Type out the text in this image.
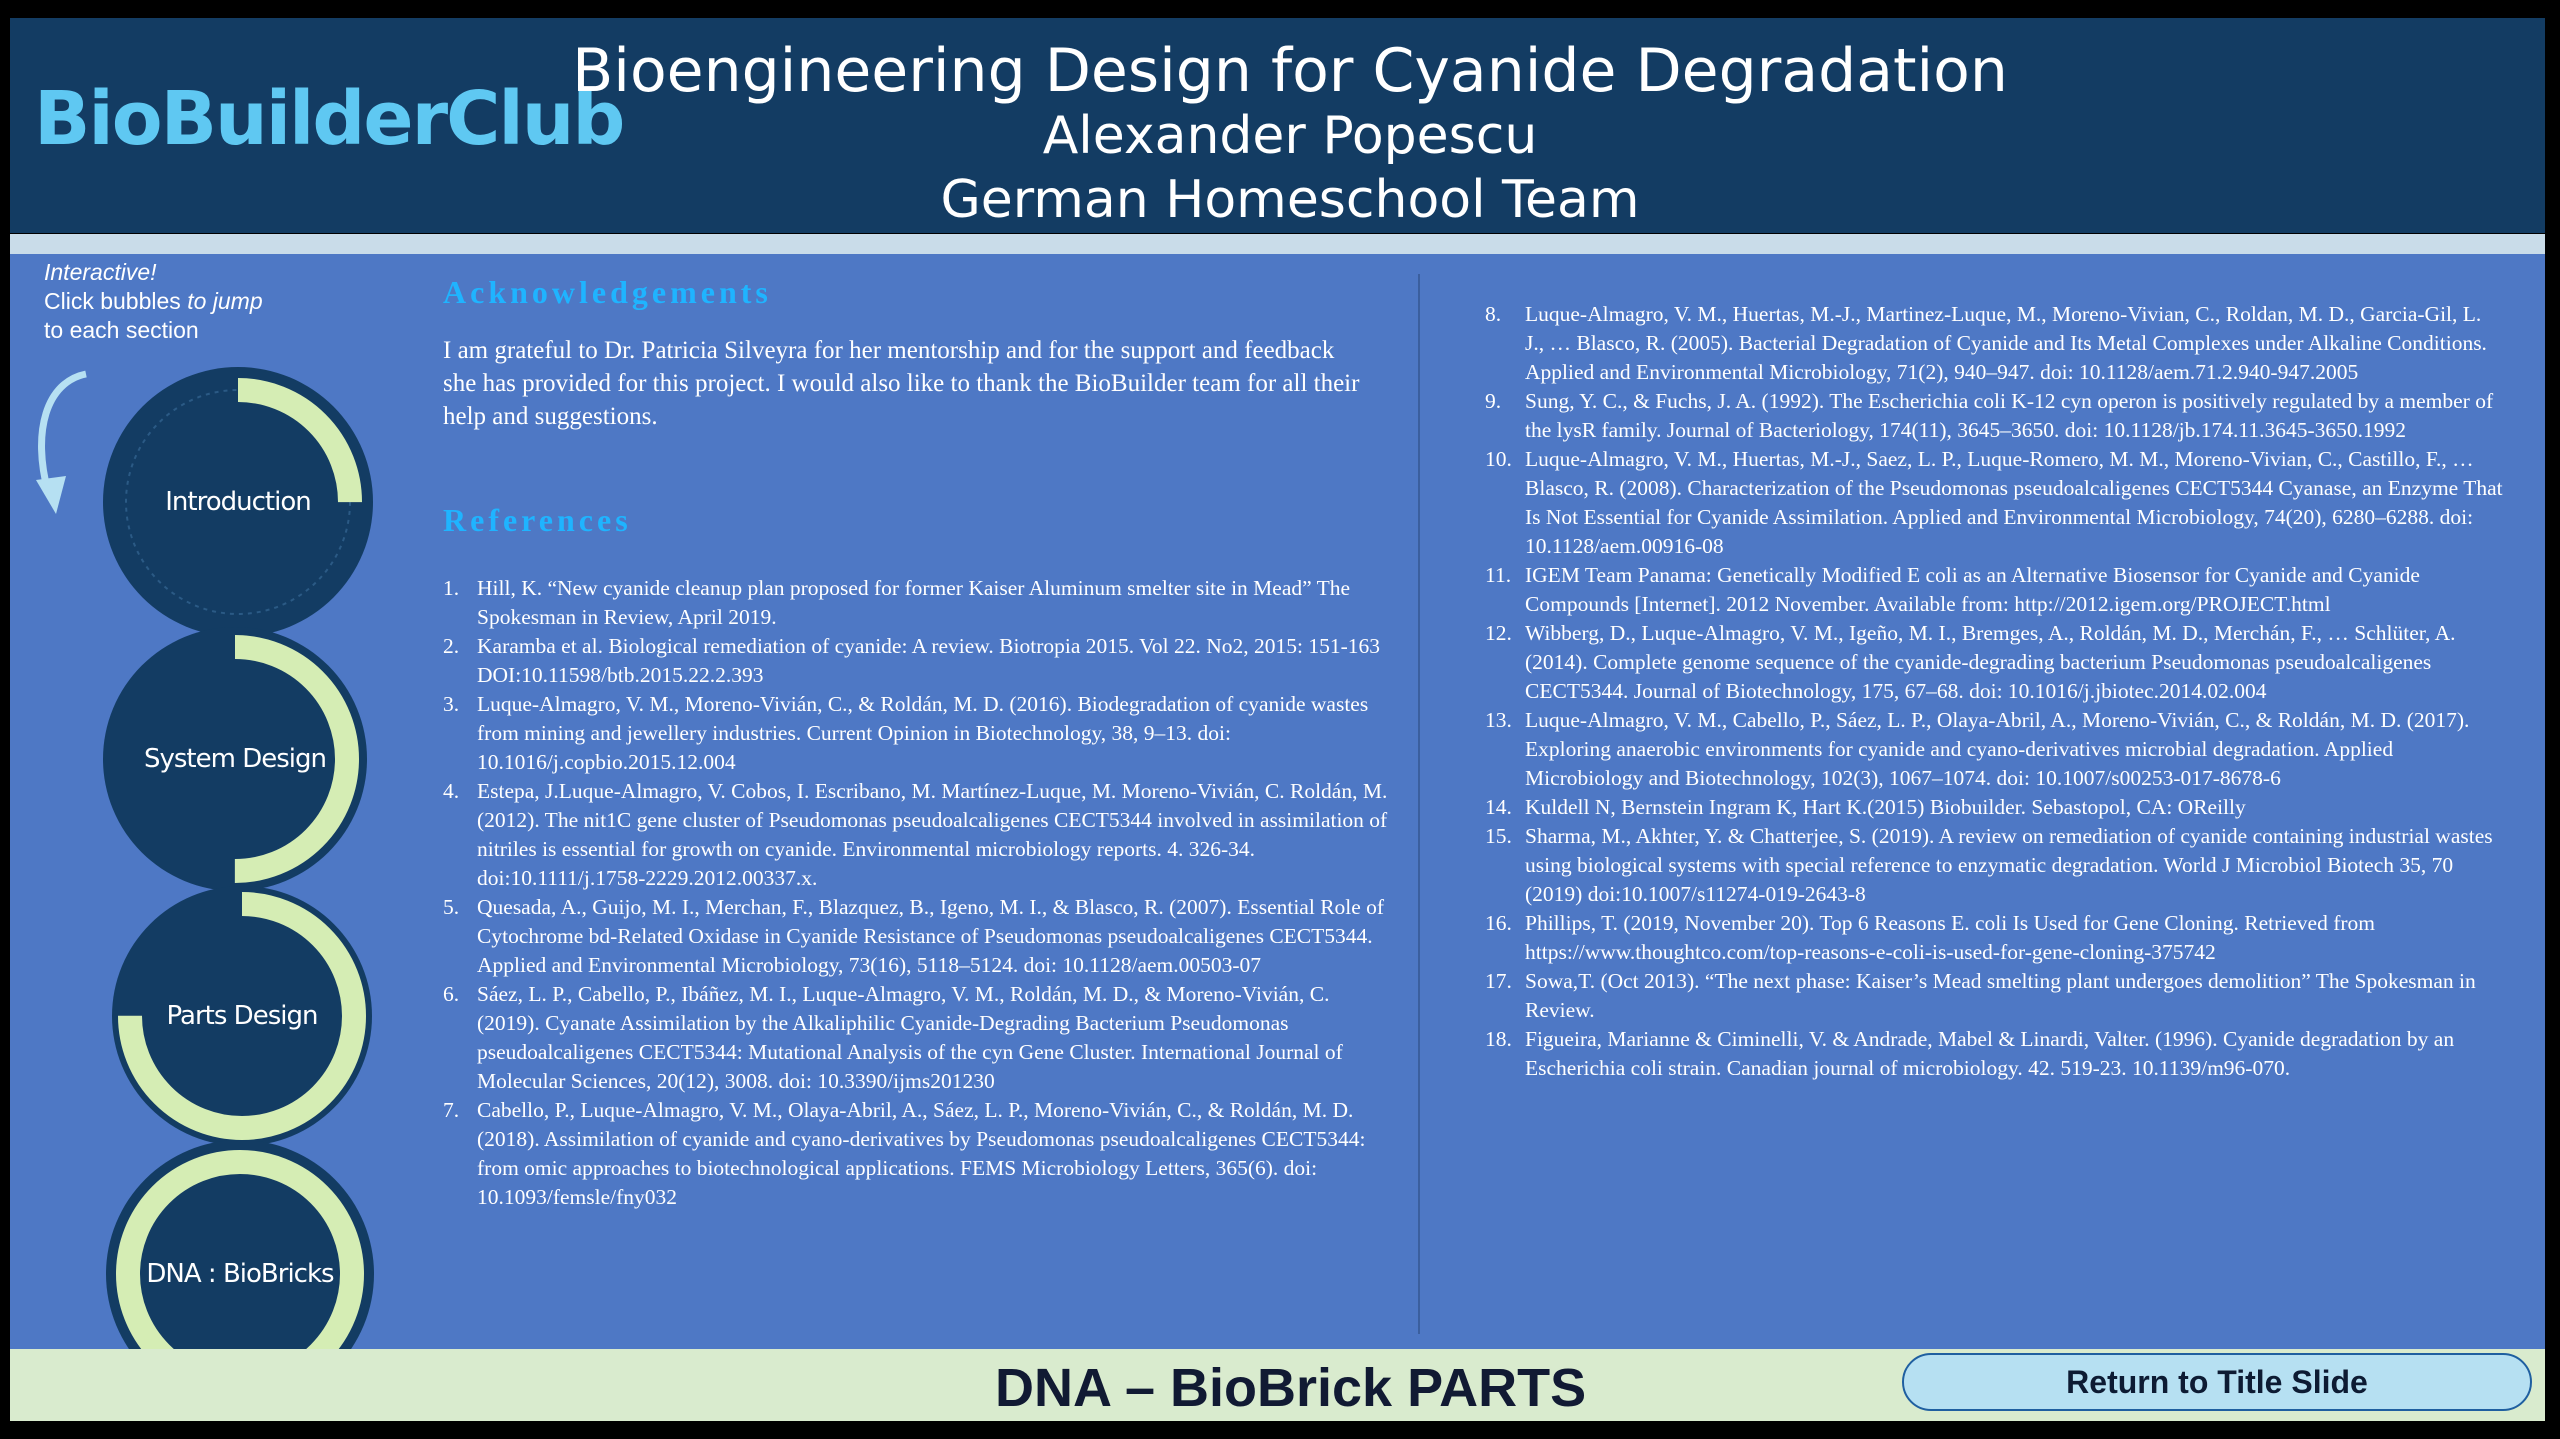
BioBuilderClub
Bioengineering Design for Cyanide Degradation
Alexander Popescu
German Homeschool Team
Interactive!
Click bubbles to jump
to each section
Introduction
System Design
Parts Design
DNA : BioBricks
Acknowledgements
I am grateful to Dr. Patricia Silveyra for her mentorship and for the support and feedback she has provided for this project. I would also like to thank the BioBuilder team for all their help and suggestions.
References
1. Hill, K. “New cyanide cleanup plan proposed for former Kaiser Aluminum smelter site in Mead” The Spokesman in Review, April 2019.
2. Karamba et al. Biological remediation of cyanide: A review. Biotropia 2015. Vol 22. No2, 2015: 151-163 DOI:10.11598/btb.2015.22.2.393
3. Luque-Almagro, V. M., Moreno-Vivián, C., & Roldán, M. D. (2016). Biodegradation of cyanide wastes from mining and jewellery industries. Current Opinion in Biotechnology, 38, 9–13. doi: 10.1016/j.copbio.2015.12.004
4. Estepa, J.Luque-Almagro, V. Cobos, I. Escribano, M. Martínez-Luque, M. Moreno-Vivián, C. Roldán, M. (2012). The nit1C gene cluster of Pseudomonas pseudoalcaligenes CECT5344 involved in assimilation of nitriles is essential for growth on cyanide. Environmental microbiology reports. 4. 326-34. doi:10.1111/j.1758-2229.2012.00337.x.
5. Quesada, A., Guijo, M. I., Merchan, F., Blazquez, B., Igeno, M. I., & Blasco, R. (2007). Essential Role of Cytochrome bd-Related Oxidase in Cyanide Resistance of Pseudomonas pseudoalcaligenes CECT5344. Applied and Environmental Microbiology, 73(16), 5118–5124. doi: 10.1128/aem.00503-07
6. Sáez, L. P., Cabello, P., Ibáñez, M. I., Luque-Almagro, V. M., Roldán, M. D., & Moreno-Vivián, C. (2019). Cyanate Assimilation by the Alkaliphilic Cyanide-Degrading Bacterium Pseudomonas pseudoalcaligenes CECT5344: Mutational Analysis of the cyn Gene Cluster. International Journal of Molecular Sciences, 20(12), 3008. doi: 10.3390/ijms201230
7. Cabello, P., Luque-Almagro, V. M., Olaya-Abril, A., Sáez, L. P., Moreno-Vivián, C., & Roldán, M. D. (2018). Assimilation of cyanide and cyano-derivatives by Pseudomonas pseudoalcaligenes CECT5344: from omic approaches to biotechnological applications. FEMS Microbiology Letters, 365(6). doi: 10.1093/femsle/fny032
8. Luque-Almagro, V. M., Huertas, M.-J., Martinez-Luque, M., Moreno-Vivian, C., Roldan, M. D., Garcia-Gil, L. J., … Blasco, R. (2005). Bacterial Degradation of Cyanide and Its Metal Complexes under Alkaline Conditions. Applied and Environmental Microbiology, 71(2), 940–947. doi: 10.1128/aem.71.2.940-947.2005
9. Sung, Y. C., & Fuchs, J. A. (1992). The Escherichia coli K-12 cyn operon is positively regulated by a member of the lysR family. Journal of Bacteriology, 174(11), 3645–3650. doi: 10.1128/jb.174.11.3645-3650.1992
10. Luque-Almagro, V. M., Huertas, M.-J., Saez, L. P., Luque-Romero, M. M., Moreno-Vivian, C., Castillo, F., … Blasco, R. (2008). Characterization of the Pseudomonas pseudoalcaligenes CECT5344 Cyanase, an Enzyme That Is Not Essential for Cyanide Assimilation. Applied and Environmental Microbiology, 74(20), 6280–6288. doi: 10.1128/aem.00916-08
11. IGEM Team Panama: Genetically Modified E coli as an Alternative Biosensor for Cyanide and Cyanide Compounds [Internet]. 2012 November. Available from: http://2012.igem.org/PROJECT.html
12. Wibberg, D., Luque-Almagro, V. M., Igeño, M. I., Bremges, A., Roldán, M. D., Merchán, F., … Schlüter, A. (2014). Complete genome sequence of the cyanide-degrading bacterium Pseudomonas pseudoalcaligenes CECT5344. Journal of Biotechnology, 175, 67–68. doi: 10.1016/j.jbiotec.2014.02.004
13. Luque-Almagro, V. M., Cabello, P., Sáez, L. P., Olaya-Abril, A., Moreno-Vivián, C., & Roldán, M. D. (2017). Exploring anaerobic environments for cyanide and cyano-derivatives microbial degradation. Applied Microbiology and Biotechnology, 102(3), 1067–1074. doi: 10.1007/s00253-017-8678-6
14. Kuldell N, Bernstein Ingram K, Hart K.(2015) Biobuilder. Sebastopol, CA: OReilly
15. Sharma, M., Akhter, Y. & Chatterjee, S. (2019). A review on remediation of cyanide containing industrial wastes using biological systems with special reference to enzymatic degradation. World J Microbiol Biotech 35, 70 (2019) doi:10.1007/s11274-019-2643-8
16. Phillips, T. (2019, November 20). Top 6 Reasons E. coli Is Used for Gene Cloning. Retrieved from https://www.thoughtco.com/top-reasons-e-coli-is-used-for-gene-cloning-375742
17. Sowa,T. (Oct 2013). “The next phase: Kaiser’s Mead smelting plant undergoes demolition” The Spokesman in Review.
18. Figueira, Marianne & Ciminelli, V. & Andrade, Mabel & Linardi, Valter. (1996). Cyanide degradation by an Escherichia coli strain. Canadian journal of microbiology. 42. 519-23. 10.1139/m96-070.
DNA – BioBrick PARTS	Return to Title Slide
